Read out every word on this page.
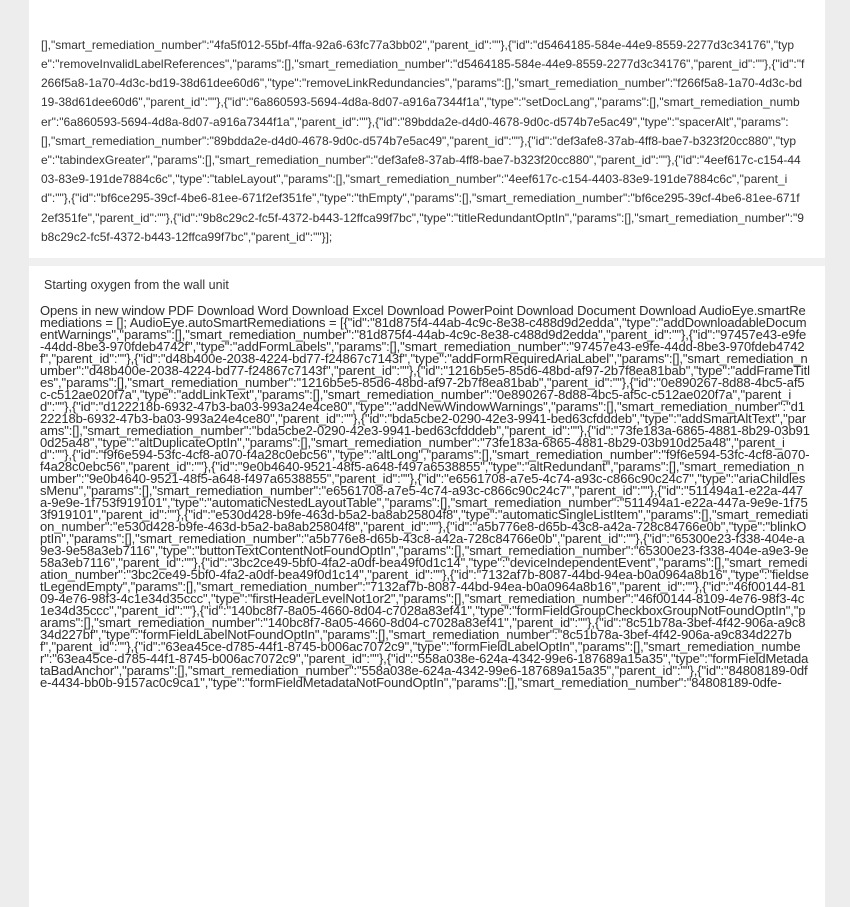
[],"smart_remediation_number":"4fa5f012-55bf-4ffa-92a6-63fc77a3bb02","parent_id":""},{"id":"d5464185-584e-44e9-8559-2277d3c34176","type":"removeInvalidLabelReferences","params":[],"smart_remediation_number":"d5464185-584e-44e9-8559-2277d3c34176","parent_id":""},{"id":"f266f5a8-1a70-4d3c-bd19-38d61dee60d6","type":"removeLinkRedundancies","params":[],"smart_remediation_number":"f266f5a8-1a70-4d3c-bd19-38d61dee60d6","parent_id":""},{"id":"6a860593-5694-4d8a-8d07-a916a7344f1a","type":"setDocLang","params":[],"smart_remediation_number":"6a860593-5694-4d8a-8d07-a916a7344f1a","parent_id":""},{"id":"89bdda2e-d4d0-4678-9d0c-d574b7e5ac49","type":"spacerAlt","params":[],"smart_remediation_number":"89bdda2e-d4d0-4678-9d0c-d574b7e5ac49","parent_id":""},{"id":"def3afe8-37ab-4ff8-bae7-b323f20cc880","type":"tabindexGreater","params":[],"smart_remediation_number":"def3afe8-37ab-4ff8-bae7-b323f20cc880","parent_id":""},{"id":"4eef617c-c154-4403-83e9-191de7884c6c","type":"tableLayout","params":[],"smart_remediation_number":"4eef617c-c154-4403-83e9-191de7884c6c","parent_id":""},{"id":"bf6ce295-39cf-4be6-81ee-671f2ef351fe","type":"thEmpty","params":[],"smart_remediation_number":"bf6ce295-39cf-4be6-81ee-671f2ef351fe","parent_id":""},{"id":"9b8c29c2-fc5f-4372-b443-12ffca99f7bc","type":"titleRedundantOptIn","params":[],"smart_remediation_number":"9b8c29c2-fc5f-4372-b443-12ffca99f7bc","parent_id":""}];

Starting oxygen from the wall unit

Opens in new window PDF Download Word Download Excel Download PowerPoint Download Document Download AudioEye.smartRemediations = []; AudioEye.autoSmartRemediations = [{"id":"81d875f4-44ab-4c9c-8e38-c488d9d2edda","type":"addDownloadableDocumentWarnings","params":[],"smart_remediation_number":"81d875f4-44ab-4c9c-8e38-c488d9d2edda","parent_id":""},{"id":"97457e43-e9fe-44dd-8be3-970fdeb4742f","type":"addFormLabels","params":[],"smart_remediation_number":"97457e43-e9fe-44dd-8be3-970fdeb4742f","parent_id":""},{"id":"d48b400e-2038-4224-bd77-f24867c7143f","type":"addFormRequiredAriaLabel","params":[],"smart_remediation_number":"d48b400e-2038-4224-bd77-f24867c7143f","parent_id":""},{"id":"1216b5e5-85d6-48bd-af97-2b7f8ea81bab","type":"addFrameTitles","params":[],"smart_remediation_number":"1216b5e5-85d6-48bd-af97-2b7f8ea81bab","parent_id":""},{"id":"0e890267-8d88-4bc5-af5c-c512ae020f7a","type":"addLinkText","params":[],"smart_remediation_number":"0e890267-8d88-4bc5-af5c-c512ae020f7a","parent_id":""},{"id":"d122218b-6932-47b3-ba03-993a24e4ce80","type":"addNewWindowWarnings","params":[],"smart_remediation_number":"d122218b-6932-47b3-ba03-993a24e4ce80","parent_id":""},{"id":"bda5cbe2-0290-42e3-9941-bed63cfdddeb","type":"addSmartAltText","params":[],"smart_remediation_number":"bda5cbe2-0290-42e3-9941-bed63cfdddeb","parent_id":""},{"id":"73fe183a-6865-4881-8b29-03b910d25a48","type":"altDuplicateOptIn","params":[],"smart_remediation_number":"73fe183a-6865-4881-8b29-03b910d25a48","parent_id":""},{"id":"f9f6e594-53fc-4cf8-a070-f4a28c0ebc56","type":"altLong","params":[],"smart_remediation_number":"f9f6e594-53fc-4cf8-a070-f4a28c0ebc56","parent_id":""},{"id":"9e0b4640-9521-48f5-a648-f497a6538855","type":"altRedundant","params":[],"smart_remediation_number":"9e0b4640-9521-48f5-a648-f497a6538855","parent_id":""},{"id":"e6561708-a7e5-4c74-a93c-c866c90c24c7","type":"ariaChildlessMenu","params":[],"smart_remediation_number":"e6561708-a7e5-4c74-a93c-c866c90c24c7","parent_id":""},{"id":"511494a1-e22a-447a-9e9e-1f753f919101","type":"automaticNestedLayoutTable","params":[],"smart_remediation_number":"511494a1-e22a-447a-9e9e-1f753f919101","parent_id":""},{"id":"e530d428-b9fe-463d-b5a2-ba8ab25804f8","type":"automaticSingleListItem","params":[],"smart_remediation_number":"e530d428-b9fe-463d-b5a2-ba8ab25804f8","parent_id":""},{"id":"a5b776e8-d65b-43c8-a42a-728c84766e0b","type":"blinkOptIn","params":[],"smart_remediation_number":"a5b776e8-d65b-43c8-a42a-728c84766e0b","parent_id":""},{"id":"65300e23-f338-404e-a9e3-9e58a3eb7116","type":"buttonTextContentNotFoundOptIn","params":[],"smart_remediation_number":"65300e23-f338-404e-a9e3-9e58a3eb7116","parent_id":""},{"id":"3bc2ce49-5bf0-4fa2-a0df-bea49f0d1c14","type":"deviceIndependentEvent","params":[],"smart_remediation_number":"3bc2ce49-5bf0-4fa2-a0df-bea49f0d1c14","parent_id":""},{"id":"7132af7b-8087-44bd-94ea-b0a0964a8b16","type":"fieldsetLegendEmpty","params":[],"smart_remediation_number":"7132af7b-8087-44bd-94ea-b0a0964a8b16","parent_id":""},{"id":"46f00144-8109-4e76-98f3-4c1e34d35ccc","type":"firstHeaderLevelNot1or2","params":[],"smart_remediation_number":"46f00144-8109-4e76-98f3-4c1e34d35ccc","parent_id":""},{"id":"140bc8f7-8a05-4660-8d04-c7028a83ef41","type":"formFieldGroupCheckboxGroupNotFoundOptIn","params":[],"smart_remediation_number":"140bc8f7-8a05-4660-8d04-c7028a83ef41","parent_id":""},{"id":"8c51b78a-3bef-4f42-906a-a9c834d227bf","type":"formFieldLabelNotFoundOptIn","params":[],"smart_remediation_number":"8c51b78a-3bef-4f42-906a-a9c834d227bf","parent_id":""},{"id":"63ea45ce-d785-44f1-8745-b006ac7072c9","type":"formFieldLabelOptIn","params":[],"smart_remediation_number":"63ea45ce-d785-44f1-8745-b006ac7072c9","parent_id":""},{"id":"558a038e-624a-4342-99e6-187689a15a35","type":"formFieldMetadataBadAnchor","params":[],"smart_remediation_number":"558a038e-624a-4342-99e6-187689a15a35","parent_id":""},{"id":"84808189-0dfe-4434-bb0b-9157ac0c9ca1","type":"formFieldMetadataNotFoundOptIn","params":[],"smart_remediation_number":"84808189-0dfe-
